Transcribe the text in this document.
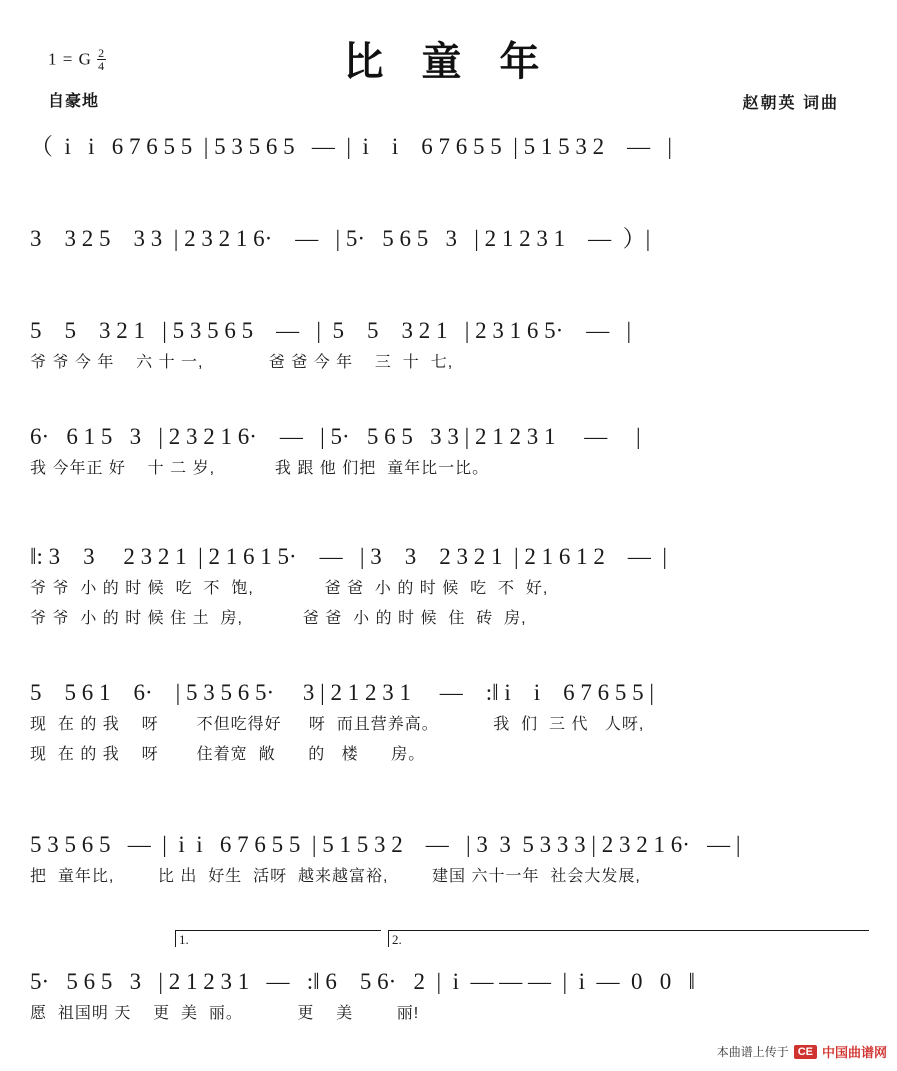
比 童 年
1 = G $\frac{2}{4}$
自豪地	赵朝英 词曲
（  i   i   6 7 6 5 5  | 5 3 5 6 5   —  |  i    i    6 7 6 5 5  | 5 1 5 3 2    —   |
3    3 2 5    3 3  | 2 3 2 1 6·    —   | 5·   5 6 5   3   | 2 1 2 3 1    —  ）|
5    5    3 2 1   | 5 3 5 6 5    —   |  5    5    3 2 1   | 2 3 1 6 5·    —   |
爷 爷 今 年    六 十 一,            爸 爸 今 年    三  十  七,
6·   6 1 5   3   | 2 3 2 1 6·    —   | 5·   5 6 5   3 3 | 2 1 2 3 1     —     |
我 今年正 好    十 二 岁,           我 跟 他 们把  童年比一比。
‖: 3    3     2 3 2 1  | 2 1 6 1 5·    —   | 3    3    2 3 2 1  | 2 1 6 1 2    —  |
爷 爷  小 的 时 候  吃  不  饱,             爸 爸  小 的 时 候  吃  不  好,
爷 爷  小 的 时 候 住 土  房,           爸 爸  小 的 时 候  住  砖  房,
5    5 6 1    6·    | 5 3 5 6 5·     3 | 2 1 2 3 1     —    :‖ i    i    6 7 6 5 5 |
现  在 的 我    呀       不但吃得好     呀  而且营养高。          我  们  三 代   人呀,
现  在 的 我    呀       住着宽  敞      的   楼      房。
5 3 5 6 5   —  |  i  i   6 7 6 5 5  | 5 1 5 3 2    —   | 3  3  5 3 3 3 | 2 3 2 1 6·   — |
把  童年比,        比 出  好生  活呀  越来越富裕,        建国 六十一年  社会大发展,
1.	2.
5·   5 6 5   3   | 2 1 2 3 1   —   :‖ 6    5 6·   2  |  i  — — —  |  i  —  0   0   ‖
愿  祖国明 天    更  美  丽。          更    美        丽!
本曲谱上传于 CE 中国曲谱网
